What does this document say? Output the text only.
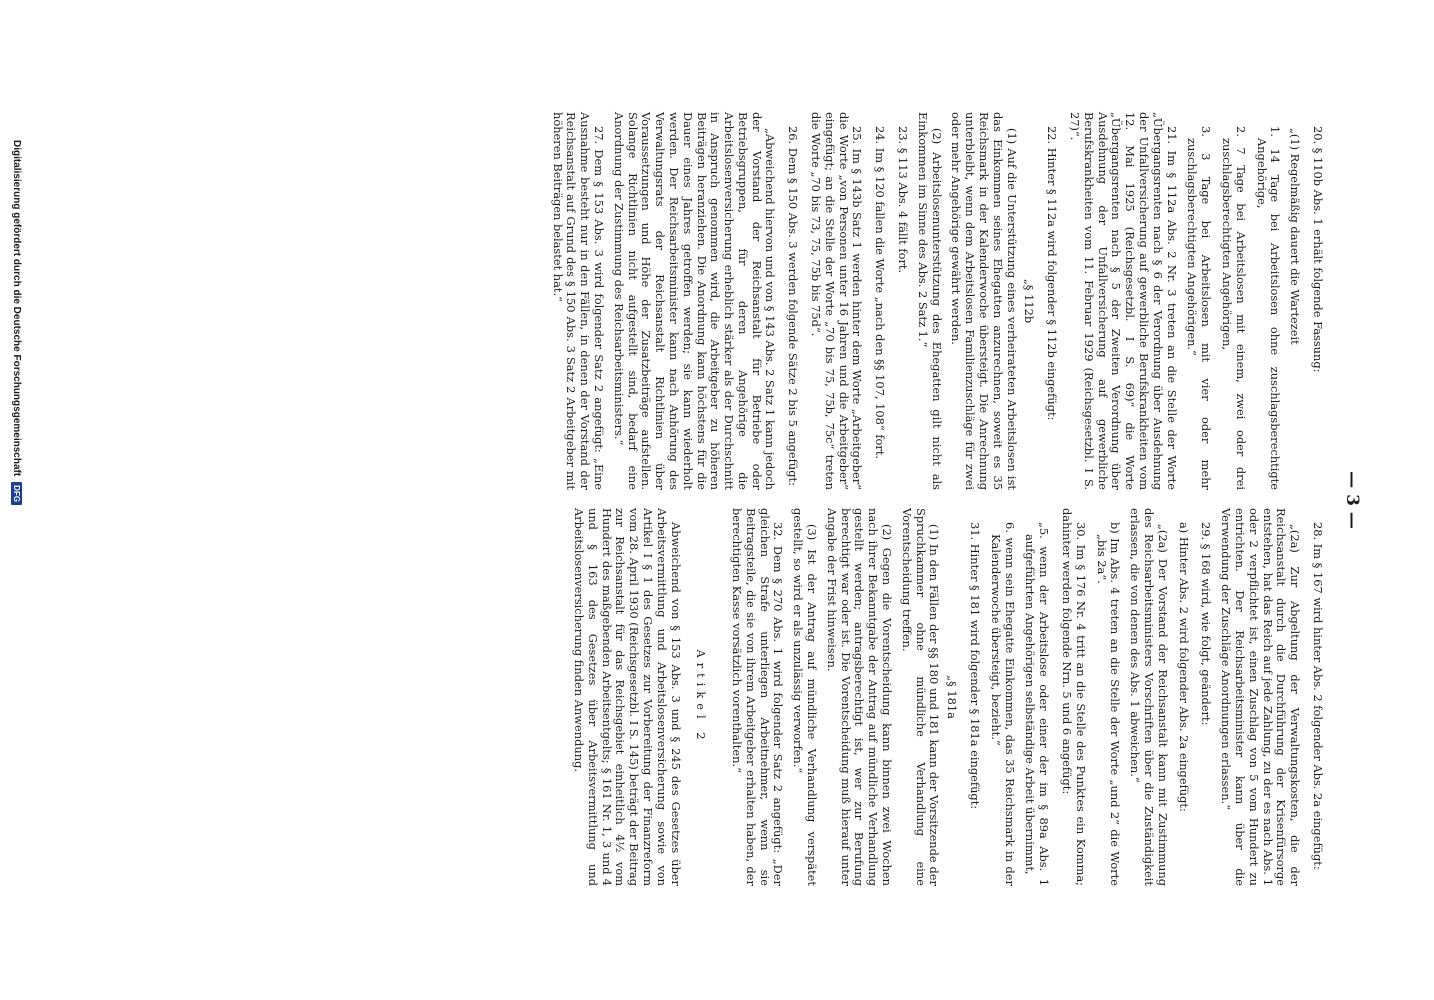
— 3 —

20. § 110b Abs. 1 erhält folgende Fassung:

„(1) Regelmäßig dauert die Wartezeit

1. 14 Tage bei Arbeitslosen ohne zuschlagsberechtigte Angehörige,

2. 7 Tage bei Arbeitslosen mit einem, zwei oder drei zuschlagsberechtigten Angehörigen,

3. 3 Tage bei Arbeitslosen mit vier oder mehr zuschlagsberechtigten Angehörigen.“

21. Im § 112a Abs. 2 Nr. 3 treten an die Stelle der Worte „Übergangsrenten nach § 6 der Verordnung über Ausdehnung der Unfallversicherung auf gewerbliche Berufskrankheiten vom 12. Mai 1925 (Reichsgesetzbl. I S. 69)“ die Worte „Übergangsrenten nach § 5 der Zweiten Verordnung über Ausdehnung der Unfallversicherung auf gewerbliche Berufskrankheiten vom 11. Februar 1929 (Reichsgesetzbl. I S. 27)“.

22. Hinter § 112a wird folgender § 112b eingefügt:

„§ 112b

(1) Auf die Unterstützung eines verheirateten Arbeitslosen ist das Einkommen seines Ehegatten anzurechnen, soweit es 35 Reichsmark in der Kalenderwoche übersteigt. Die Anrechnung unterbleibt, wenn dem Arbeitslosen Familienzuschläge für zwei oder mehr Angehörige gewährt werden.

(2) Arbeitslosenunterstützung des Ehegatten gilt nicht als Einkommen im Sinne des Abs. 2 Satz 1.“

23. § 113 Abs. 4 fällt fort.

24. Im § 120 fallen die Worte „nach den §§ 107, 108“ fort.

25. Im § 143b Satz 1 werden hinter dem Worte „Arbeitgeber“ die Worte „von Personen unter 16 Jahren und die Arbeitgeber“ eingefügt; an die Stelle der Worte „70 bis 75, 75b, 75c“ treten die Worte „70 bis 73, 75, 75b bis 75d“.

26. Dem § 150 Abs. 3 werden folgende Sätze 2 bis 5 angefügt:

„Abweichend hiervon und von § 143 Abs. 2 Satz 1 kann jedoch der Vorstand der Reichsanstalt für Betriebe oder Betriebsgruppen, für deren Angehörige die Arbeitslosenversicherung erheblich stärker als der Durchschnitt in Anspruch genommen wird, die Arbeitgeber zu höheren Beiträgen heranziehen. Die Anordnung kann höchstens für die Dauer eines Jahres getroffen werden; sie kann wiederholt werden. Der Reichsarbeitsminister kann nach Anhörung des Verwaltungsrats der Reichsanstalt Richtlinien über Voraussetzungen und Höhe der Zusatzbeiträge aufstellen. Solange Richtlinien nicht aufgestellt sind, bedarf eine Anordnung der Zustimmung des Reichsarbeitsministers.“

27. Dem § 153 Abs. 3 wird folgender Satz 2 angefügt: „Eine Ausnahme besteht nur in den Fällen, in denen der Vorstand der Reichsanstalt auf Grund des § 150 Abs. 3 Satz 2 Arbeitgeber mit höheren Beiträgen belastet hat.“

28. Im § 167 wird hinter Abs. 2 folgender Abs. 2a eingefügt:

„(2a) Zur Abgeltung der Verwaltungskosten, die der Reichsanstalt durch die Durchführung der Krisenfürsorge entstehen, hat das Reich auf jede Zahlung, zu der es nach Abs. 1 oder 2 verpflichtet ist, einen Zuschlag von 5 vom Hundert zu entrichten. Der Reichsarbeitsminister kann über die Verwendung der Zuschläge Anordnungen erlassen.“

29. § 168 wird, wie folgt, geändert:

a) Hinter Abs. 2 wird folgender Abs. 2a eingefügt:

„(2a) Der Vorstand der Reichsanstalt kann mit Zustimmung des Reichsarbeitsministers Vorschriften über die Zuständigkeit erlassen, die von denen des Abs. 1 abweichen.“

b) Im Abs. 4 treten an die Stelle der Worte „und 2“ die Worte „bis 2a“.

30. Im § 176 Nr. 4 tritt an die Stelle des Punktes ein Komma; dahinter werden folgende Nrn. 5 und 6 angefügt:

„5. wenn der Arbeitslose oder einer der im § 89a Abs. 1 aufgeführten Angehörigen selbständige Arbeit übernimmt,

6. wenn sein Ehegatte Einkommen, das 35 Reichsmark in der Kalenderwoche übersteigt, bezieht.“

31. Hinter § 181 wird folgender § 181a eingefügt:

„§ 181a

(1) In den Fällen der §§ 180 und 181 kann der Vorsitzende der Spruchkammer ohne mündliche Verhandlung eine Vorentscheidung treffen.

(2) Gegen die Vorentscheidung kann binnen zwei Wochen nach ihrer Bekanntgabe der Antrag auf mündliche Verhandlung gestellt werden; antragsberechtigt ist, wer zur Berufung berechtigt war oder ist. Die Vorentscheidung muß hierauf unter Angabe der Frist hinweisen.

(3) Ist der Antrag auf mündliche Verhandlung verspätet gestellt, so wird er als unzulässig verworfen.“

32. Dem § 270 Abs. 1 wird folgender Satz 2 angefügt: „Der gleichen Strafe unterliegen Arbeitnehmer, wenn sie Beitragsteile, die sie von ihrem Arbeitgeber erhalten haben, der berechtigten Kasse vorsätzlich vorenthalten.“

Artikel 2

Abweichend von § 153 Abs. 3 und § 245 des Gesetzes über Arbeitsvermittlung und Arbeitslosenversicherung sowie von Artikel I § 1 des Gesetzes zur Vorbereitung der Finanzreform vom 28. April 1930 (Reichsgesetzbl. I S. 145) beträgt der Beitrag zur Reichsanstalt für das Reichsgebiet einheitlich 4½ vom Hundert des maßgebenden Arbeitsentgelts; § 161 Nr. 1, 3 und 4 und § 163 des Gesetzes über Arbeitsvermittlung und Arbeitslosenversicherung finden Anwendung.

Digitalisierung gefördert durch die Deutsche Forschungsgemeinschaft
DFG
